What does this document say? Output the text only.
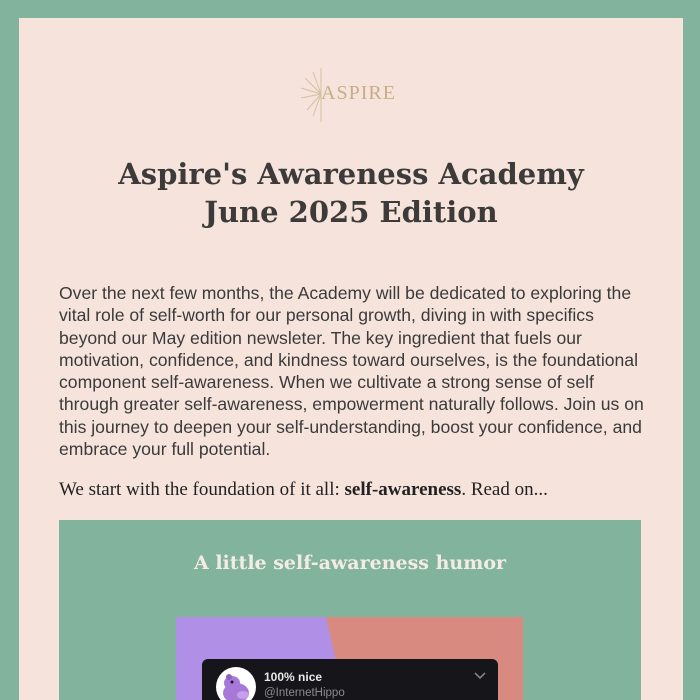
ASPIRE
Aspire's Awareness Academy
June 2025 Edition

Over the next few months, the Academy will be dedicated to exploring the vital role of self-worth for our personal growth, diving in with specifics beyond our May edition newsleter. The key ingredient that fuels our motivation, confidence, and kindness toward ourselves, is the foundational component self-awareness. When we cultivate a strong sense of self through greater self-awareness, empowerment naturally follows. Join us on this journey to deepen your self-understanding, boost your confidence, and embrace your full potential.

We start with the foundation of it all: self-awareness. Read on...

A little self-awareness humor
100% nice
@InternetHippo
